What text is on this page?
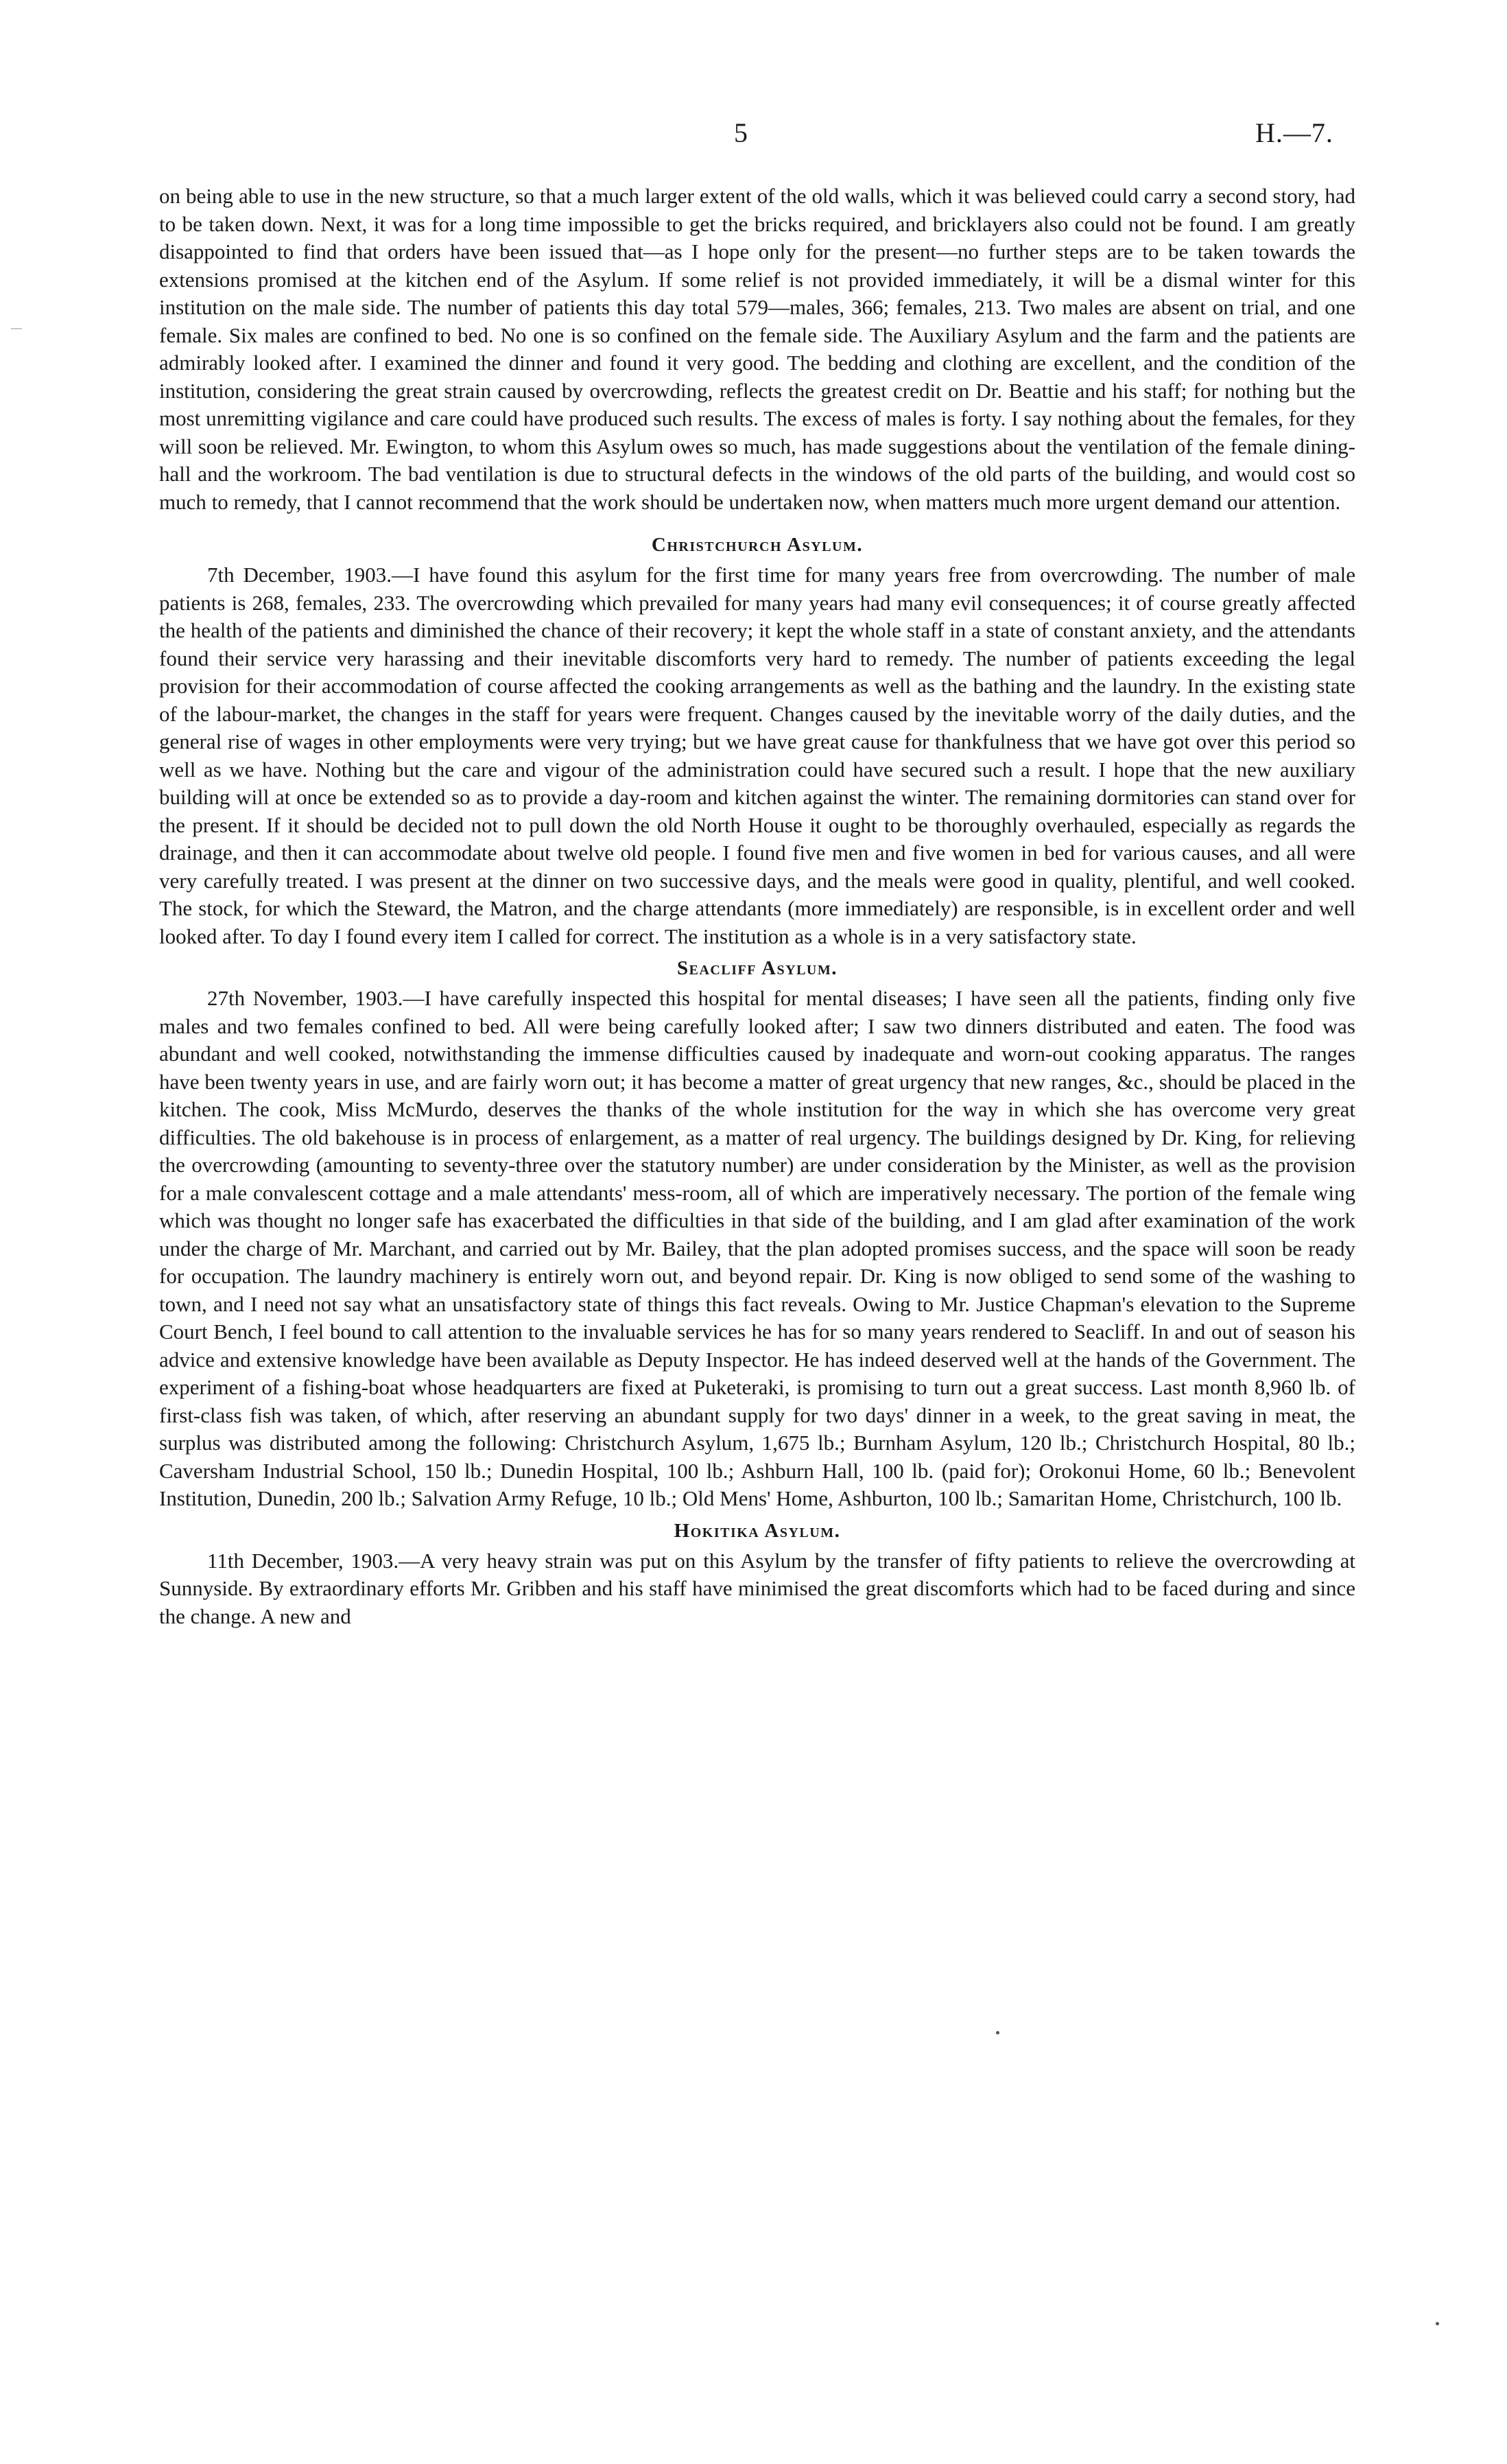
5	H.—7.

on being able to use in the new structure, so that a much larger extent of the old walls, which it was believed could carry a second story, had to be taken down. Next, it was for a long time impossible to get the bricks required, and bricklayers also could not be found. I am greatly disappointed to find that orders have been issued that—as I hope only for the present—no further steps are to be taken towards the extensions promised at the kitchen end of the Asylum. If some relief is not provided immediately, it will be a dismal winter for this institution on the male side. The number of patients this day total 579—males, 366; females, 213. Two males are absent on trial, and one female. Six males are confined to bed. No one is so confined on the female side. The Auxiliary Asylum and the farm and the patients are admirably looked after. I examined the dinner and found it very good. The bedding and clothing are excellent, and the condition of the institution, considering the great strain caused by overcrowding, reflects the greatest credit on Dr. Beattie and his staff; for nothing but the most unremitting vigilance and care could have produced such results. The excess of males is forty. I say nothing about the females, for they will soon be relieved. Mr. Ewington, to whom this Asylum owes so much, has made suggestions about the ventilation of the female dining-hall and the workroom. The bad ventilation is due to structural defects in the windows of the old parts of the building, and would cost so much to remedy, that I cannot recommend that the work should be undertaken now, when matters much more urgent demand our attention.

Christchurch Asylum.

7th December, 1903.—I have found this asylum for the first time for many years free from overcrowding. The number of male patients is 268, females, 233. The overcrowding which prevailed for many years had many evil consequences; it of course greatly affected the health of the patients and diminished the chance of their recovery; it kept the whole staff in a state of constant anxiety, and the attendants found their service very harassing and their inevitable discomforts very hard to remedy. The number of patients exceeding the legal provision for their accommodation of course affected the cooking arrangements as well as the bathing and the laundry. In the existing state of the labour-market, the changes in the staff for years were frequent. Changes caused by the inevitable worry of the daily duties, and the general rise of wages in other employments were very trying; but we have great cause for thankfulness that we have got over this period so well as we have. Nothing but the care and vigour of the administration could have secured such a result. I hope that the new auxiliary building will at once be extended so as to provide a day-room and kitchen against the winter. The remaining dormitories can stand over for the present. If it should be decided not to pull down the old North House it ought to be thoroughly overhauled, especially as regards the drainage, and then it can accommodate about twelve old people. I found five men and five women in bed for various causes, and all were very carefully treated. I was present at the dinner on two successive days, and the meals were good in quality, plentiful, and well cooked. The stock, for which the Steward, the Matron, and the charge attendants (more immediately) are responsible, is in excellent order and well looked after. To day I found every item I called for correct. The institution as a whole is in a very satisfactory state.

Seacliff Asylum.

27th November, 1903.—I have carefully inspected this hospital for mental diseases; I have seen all the patients, finding only five males and two females confined to bed. All were being carefully looked after; I saw two dinners distributed and eaten. The food was abundant and well cooked, notwithstanding the immense difficulties caused by inadequate and worn-out cooking apparatus. The ranges have been twenty years in use, and are fairly worn out; it has become a matter of great urgency that new ranges, &c., should be placed in the kitchen. The cook, Miss McMurdo, deserves the thanks of the whole institution for the way in which she has overcome very great difficulties. The old bakehouse is in process of enlargement, as a matter of real urgency. The buildings designed by Dr. King, for relieving the overcrowding (amounting to seventy-three over the statutory number) are under consideration by the Minister, as well as the provision for a male convalescent cottage and a male attendants' mess-room, all of which are imperatively necessary. The portion of the female wing which was thought no longer safe has exacerbated the difficulties in that side of the building, and I am glad after examination of the work under the charge of Mr. Marchant, and carried out by Mr. Bailey, that the plan adopted promises success, and the space will soon be ready for occupation. The laundry machinery is entirely worn out, and beyond repair. Dr. King is now obliged to send some of the washing to town, and I need not say what an unsatisfactory state of things this fact reveals. Owing to Mr. Justice Chapman's elevation to the Supreme Court Bench, I feel bound to call attention to the invaluable services he has for so many years rendered to Seacliff. In and out of season his advice and extensive knowledge have been available as Deputy Inspector. He has indeed deserved well at the hands of the Government. The experiment of a fishing-boat whose headquarters are fixed at Puketeraki, is promising to turn out a great success. Last month 8,960 lb. of first-class fish was taken, of which, after reserving an abundant supply for two days' dinner in a week, to the great saving in meat, the surplus was distributed among the following: Christchurch Asylum, 1,675 lb.; Burnham Asylum, 120 lb.; Christchurch Hospital, 80 lb.; Caversham Industrial School, 150 lb.; Dunedin Hospital, 100 lb.; Ashburn Hall, 100 lb. (paid for); Orokonui Home, 60 lb.; Benevolent Institution, Dunedin, 200 lb.; Salvation Army Refuge, 10 lb.; Old Mens' Home, Ashburton, 100 lb.; Samaritan Home, Christchurch, 100 lb.

Hokitika Asylum.

11th December, 1903.—A very heavy strain was put on this Asylum by the transfer of fifty patients to relieve the overcrowding at Sunnyside. By extraordinary efforts Mr. Gribben and his staff have minimised the great discomforts which had to be faced during and since the change. A new and
